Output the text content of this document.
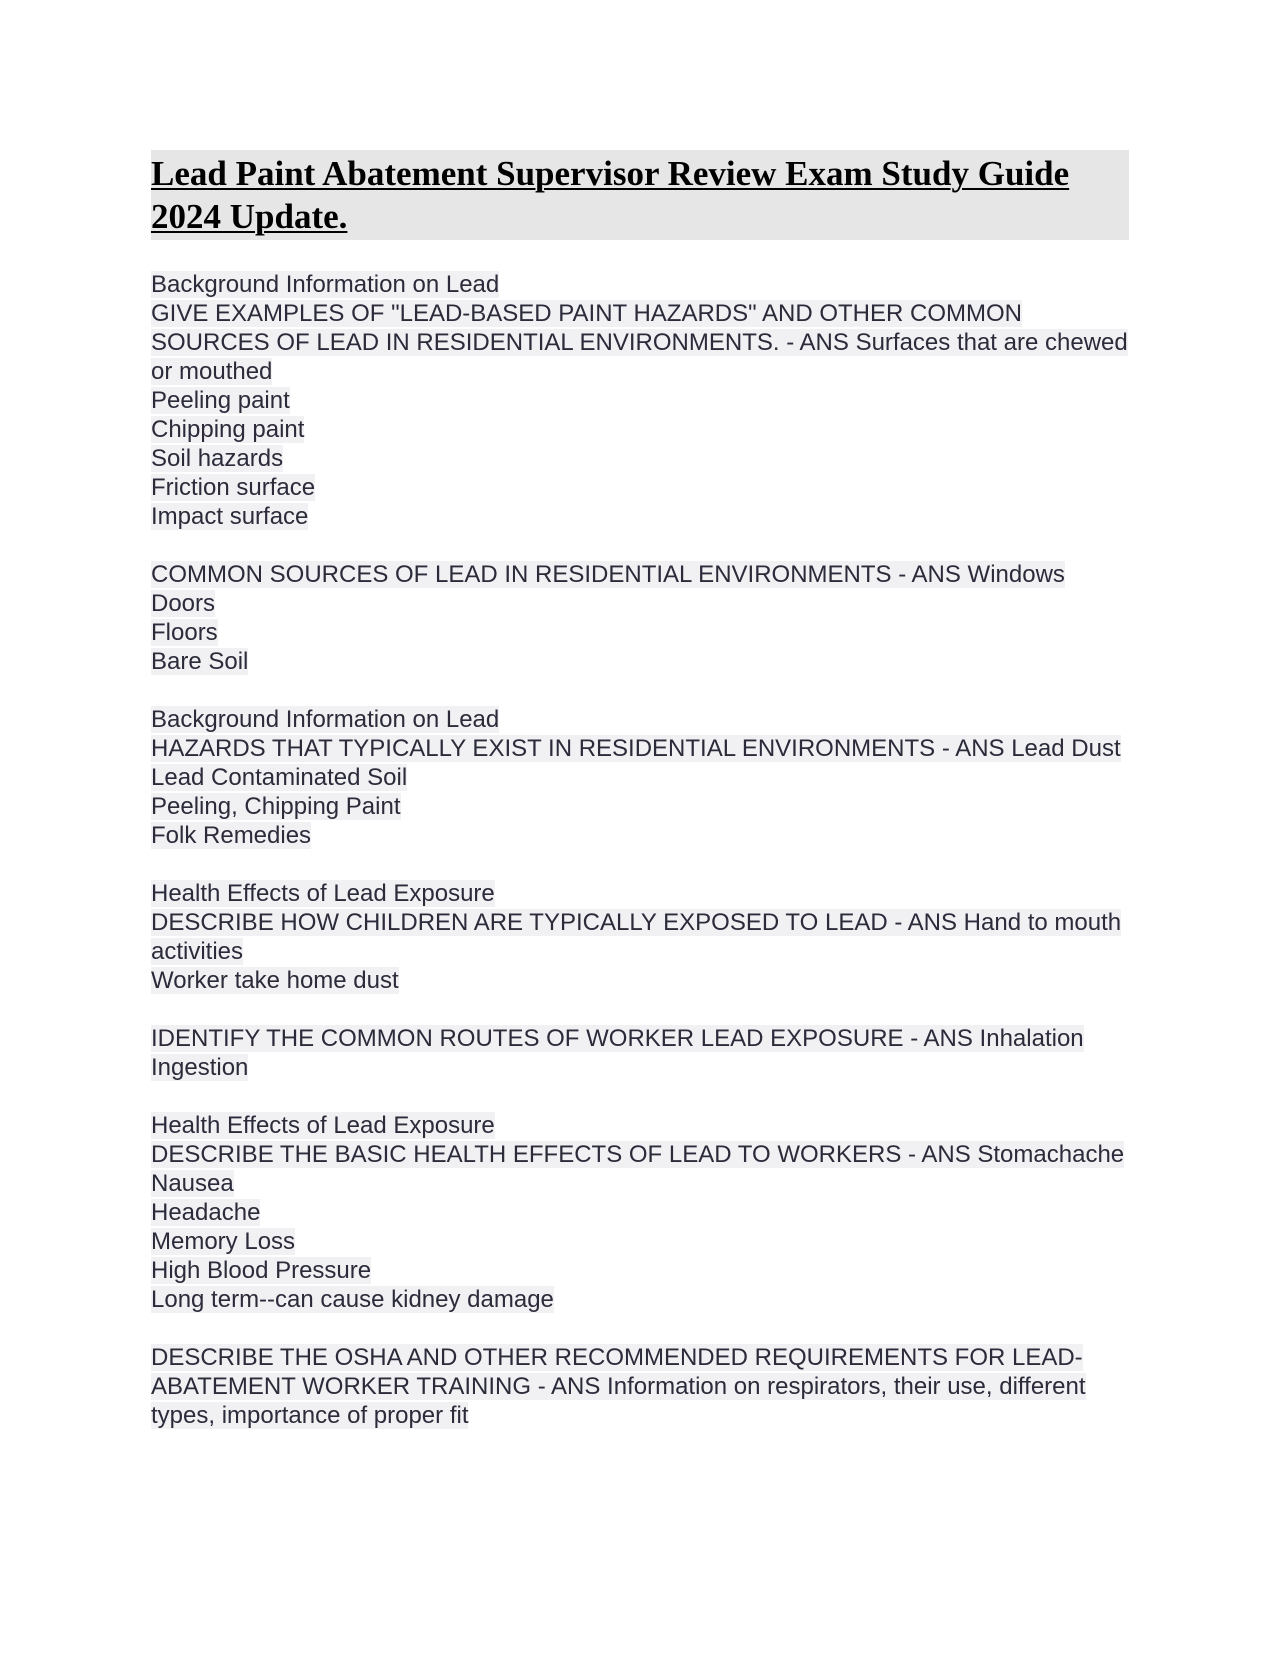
Lead Paint Abatement Supervisor Review Exam Study Guide 2024 Update.
Background Information on Lead
GIVE EXAMPLES OF "LEAD-BASED PAINT HAZARDS" AND OTHER COMMON SOURCES OF LEAD IN RESIDENTIAL ENVIRONMENTS. - ANS Surfaces that are chewed or mouthed
Peeling paint
Chipping paint
Soil hazards
Friction surface
Impact surface
COMMON SOURCES OF LEAD IN RESIDENTIAL ENVIRONMENTS - ANS Windows
Doors
Floors
Bare Soil
Background Information on Lead
HAZARDS THAT TYPICALLY EXIST IN RESIDENTIAL ENVIRONMENTS - ANS Lead Dust
Lead Contaminated Soil
Peeling, Chipping Paint
Folk Remedies
Health Effects of Lead Exposure
DESCRIBE HOW CHILDREN ARE TYPICALLY EXPOSED TO LEAD - ANS Hand to mouth activities
Worker take home dust
IDENTIFY THE COMMON ROUTES OF WORKER LEAD EXPOSURE - ANS Inhalation
Ingestion
Health Effects of Lead Exposure
DESCRIBE THE BASIC HEALTH EFFECTS OF LEAD TO WORKERS - ANS Stomachache
Nausea
Headache
Memory Loss
High Blood Pressure
Long term--can cause kidney damage
DESCRIBE THE OSHA AND OTHER RECOMMENDED REQUIREMENTS FOR LEAD-ABATEMENT WORKER TRAINING - ANS Information on respirators, their use, different types, importance of proper fit
